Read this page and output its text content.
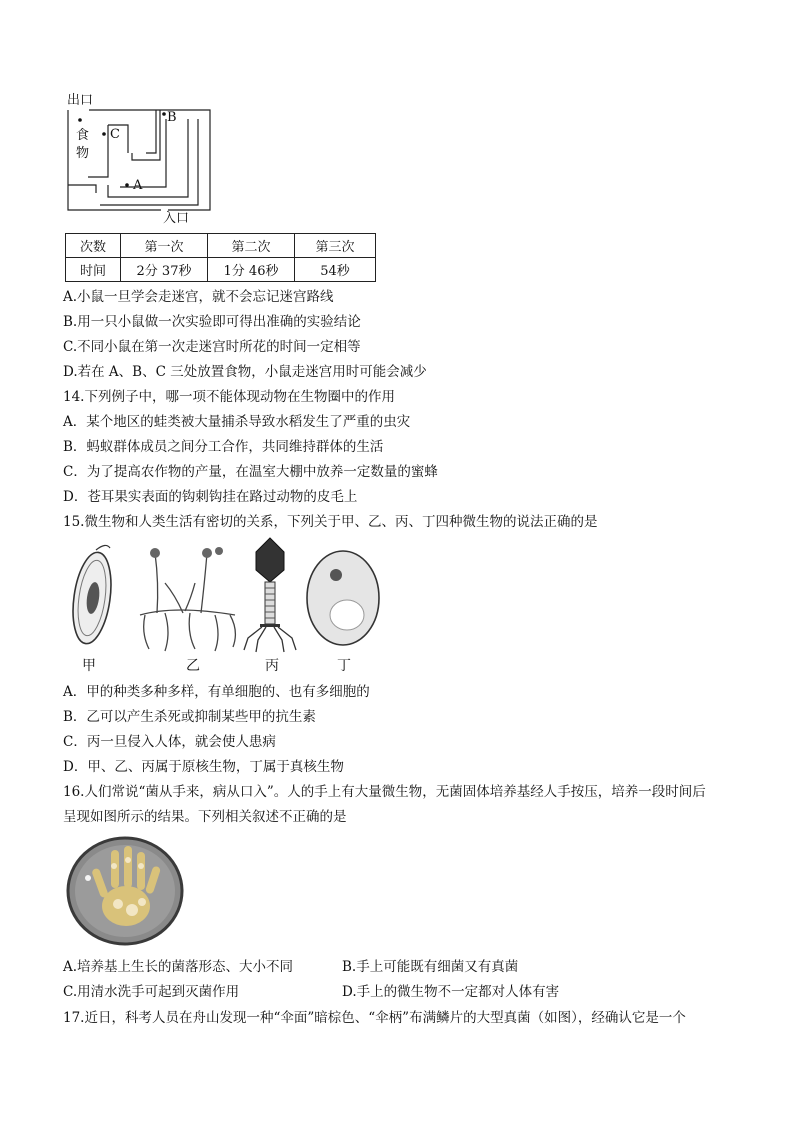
出口
B
C
食
物
A
入口
次数	第一次	第二次	第三次
时间	2分 37秒	1分 46秒	54秒
A.小鼠一旦学会走迷宫，就不会忘记迷宫路线
B.用一只小鼠做一次实验即可得出准确的实验结论
C.不同小鼠在第一次走迷宫时所花的时间一定相等
D.若在 A、B、C 三处放置食物，小鼠走迷宫用时可能会减少
14.下列例子中，哪一项不能体现动物在生物圈中的作用
A．某个地区的蛙类被大量捕杀导致水稻发生了严重的虫灾
B．蚂蚁群体成员之间分工合作，共同维持群体的生活
C．为了提高农作物的产量，在温室大棚中放养一定数量的蜜蜂
D．苍耳果实表面的钩刺钩挂在路过动物的皮毛上
15.微生物和人类生活有密切的关系，下列关于甲、乙、丙、丁四种微生物的说法正确的是
甲	乙	丙	丁
A．甲的种类多种多样，有单细胞的、也有多细胞的
B．乙可以产生杀死或抑制某些甲的抗生素
C．丙一旦侵入人体，就会使人患病
D．甲、乙、丙属于原核生物，丁属于真核生物
16.人们常说“菌从手来，病从口入”。人的手上有大量微生物，无菌固体培养基经人手按压，培养一段时间后
呈现如图所示的结果。下列相关叙述不正确的是
A.培养基上生长的菌落形态、大小不同	B.手上可能既有细菌又有真菌
C.用清水洗手可起到灭菌作用	D.手上的微生物不一定都对人体有害
17.近日，科考人员在舟山发现一种“伞面”暗棕色、“伞柄”布满鳞片的大型真菌（如图），经确认它是一个
